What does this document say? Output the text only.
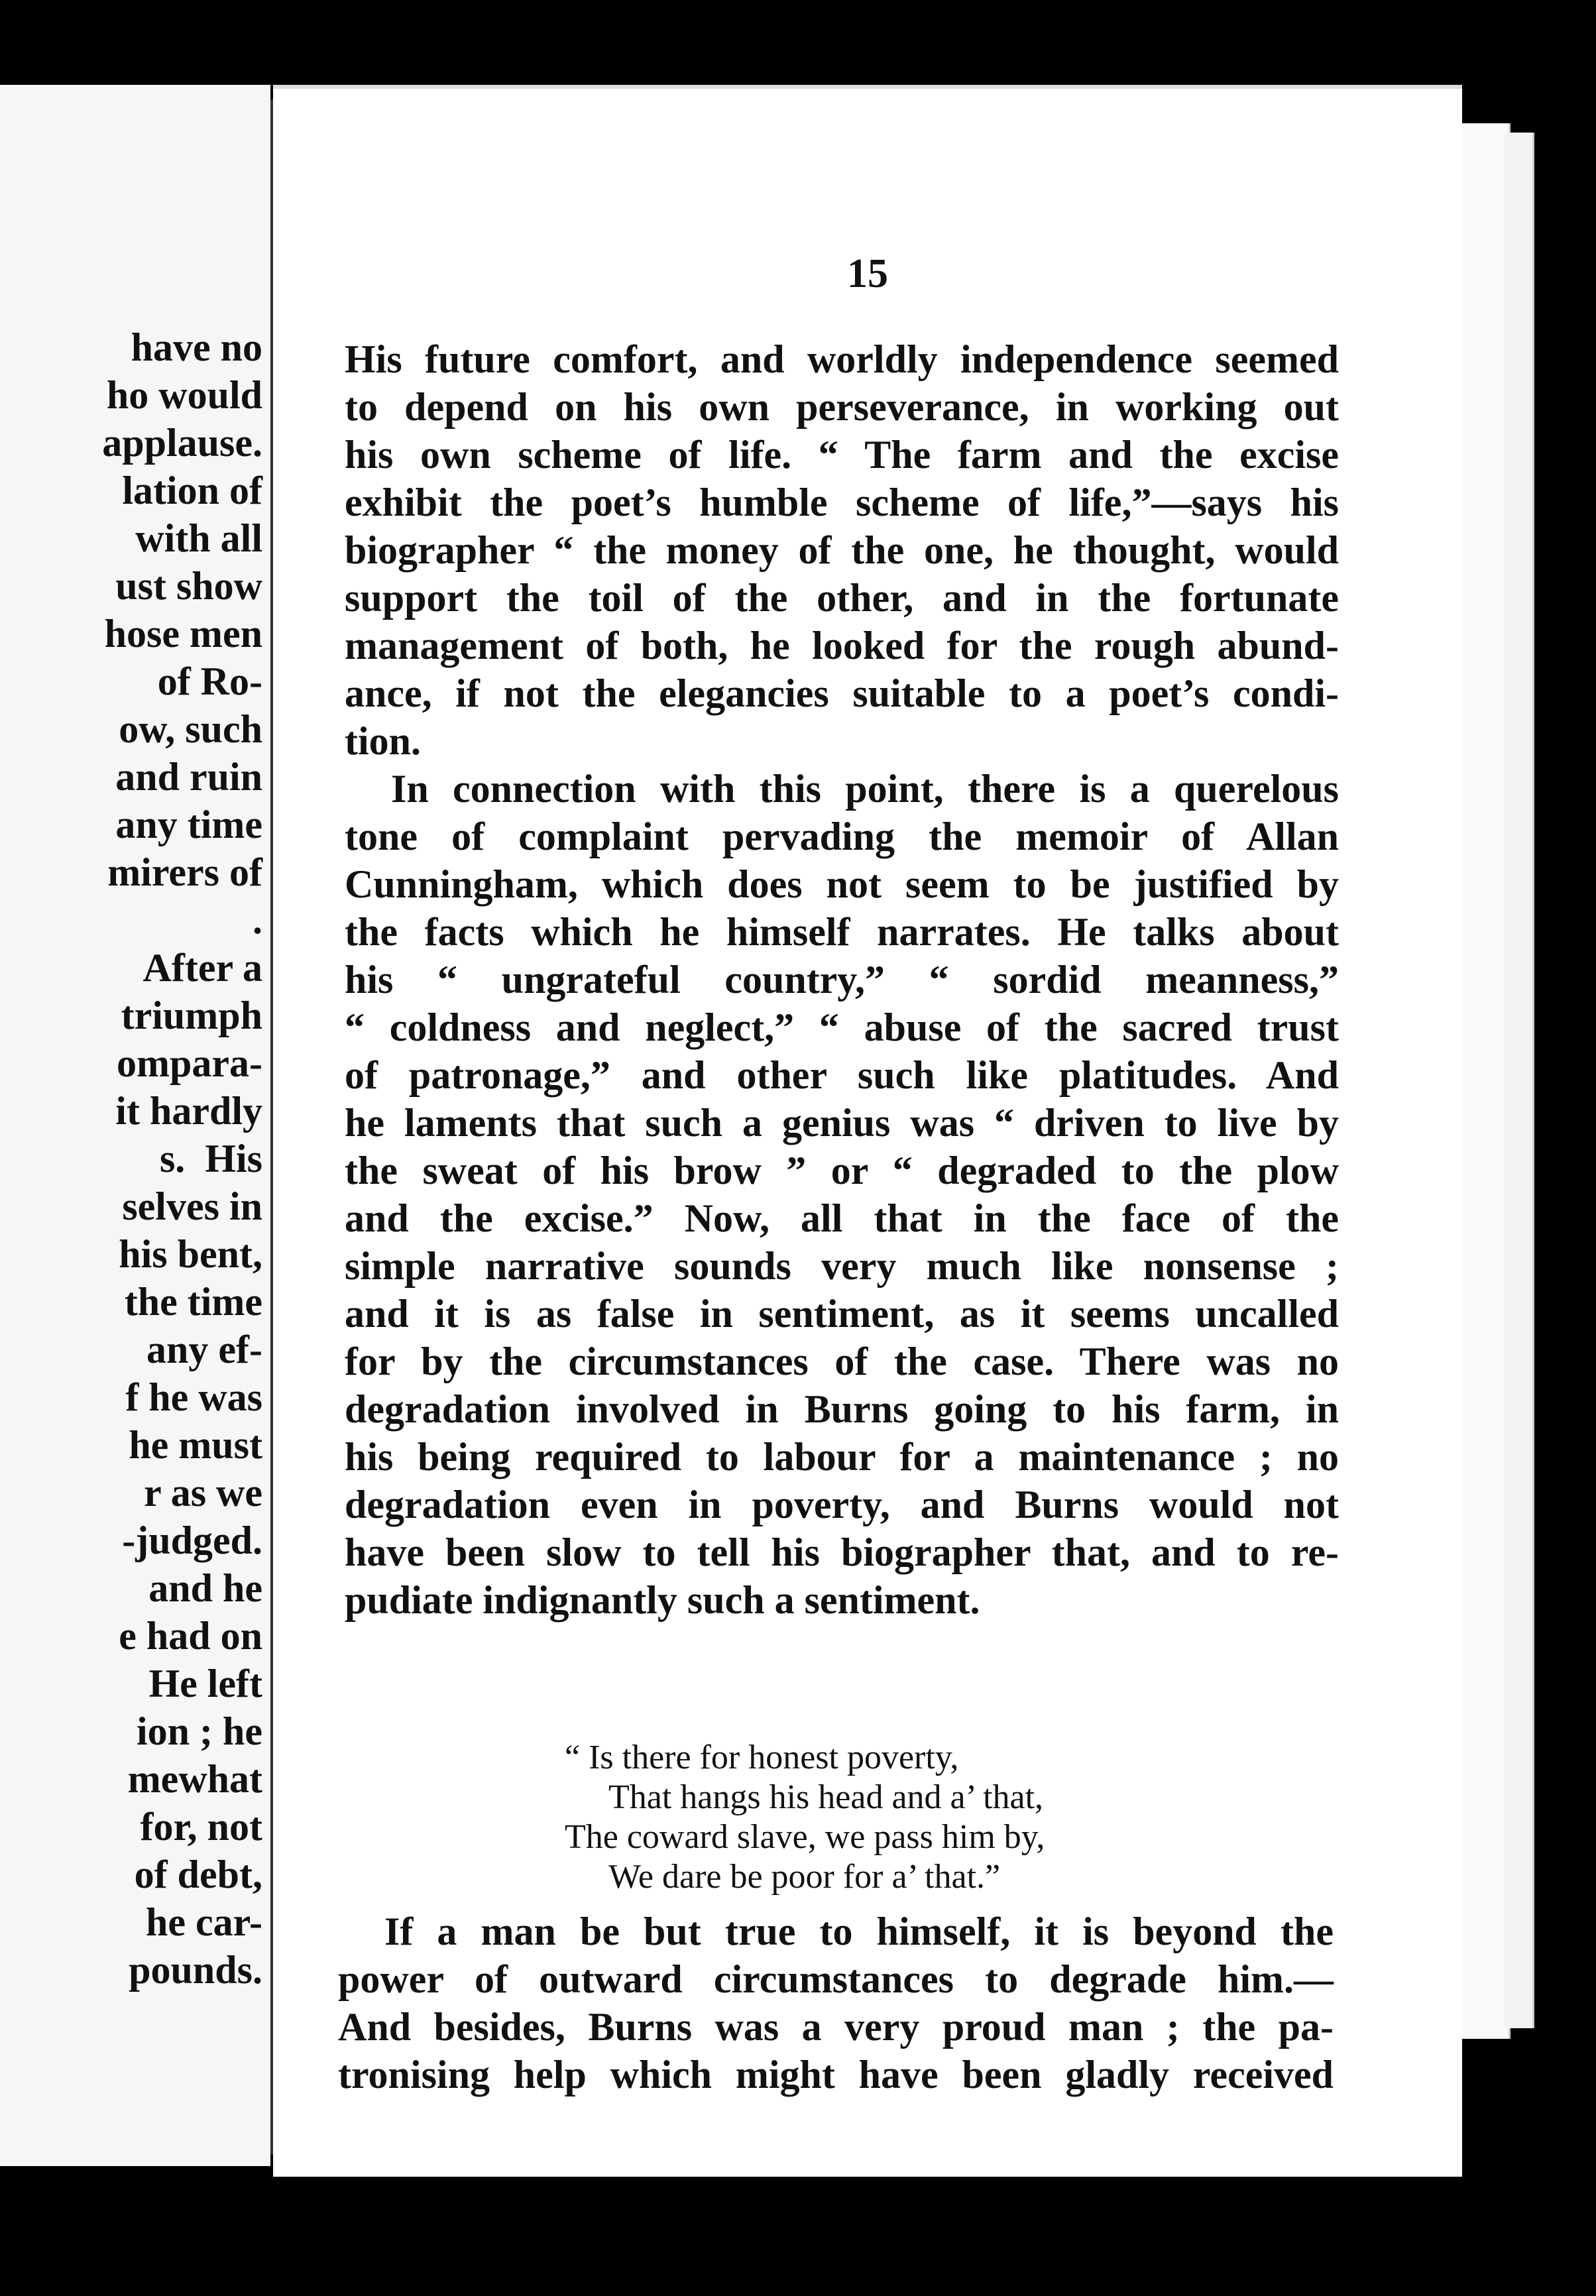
have no
ho would
applause.
lation of
with all
ust show
hose men
of Ro-
ow, such
and ruin
any time
mirers of
.
After a
triumph
ompara-
it hardly
s.  His
selves in
his bent,
the time
any ef-
f he was
he must
r as we
-judged.
and he
e had on
He left
ion ; he
mewhat
for, not
of debt,
he car-
pounds.
15
His future comfort, and worldly independence seemed
to depend on his own perseverance, in working out
his own scheme of life. “ The farm and the excise
exhibit the poet’s humble scheme of life,”—says his
biographer “ the money of the one, he thought, would
support the toil of the other, and in the fortunate
management of both, he looked for the rough abund-
ance, if not the elegancies suitable to a poet’s condi-
tion.
In connection with this point, there is a querelous
tone of complaint pervading the memoir of Allan
Cunningham, which does not seem to be justified by
the facts which he himself narrates. He talks about
his “ ungrateful country,” “ sordid meanness,”
“ coldness and neglect,” “ abuse of the sacred trust
of patronage,” and other such like platitudes. And
he laments that such a genius was “ driven to live by
the sweat of his brow ” or “ degraded to the plow
and the excise.” Now, all that in the face of the
simple narrative sounds very much like nonsense ;
and it is as false in sentiment, as it seems uncalled
for by the circumstances of the case. There was no
degradation involved in Burns going to his farm, in
his being required to labour for a maintenance ; no
degradation even in poverty, and Burns would not
have been slow to tell his biographer that, and to re-
pudiate indignantly such a sentiment.
“ Is there for honest poverty,
That hangs his head and a’ that,
The coward slave, we pass him by,
We dare be poor for a’ that.”
If a man be but true to himself, it is beyond the
power of outward circumstances to degrade him.—
And besides, Burns was a very proud man ; the pa-
tronising help which might have been gladly received
